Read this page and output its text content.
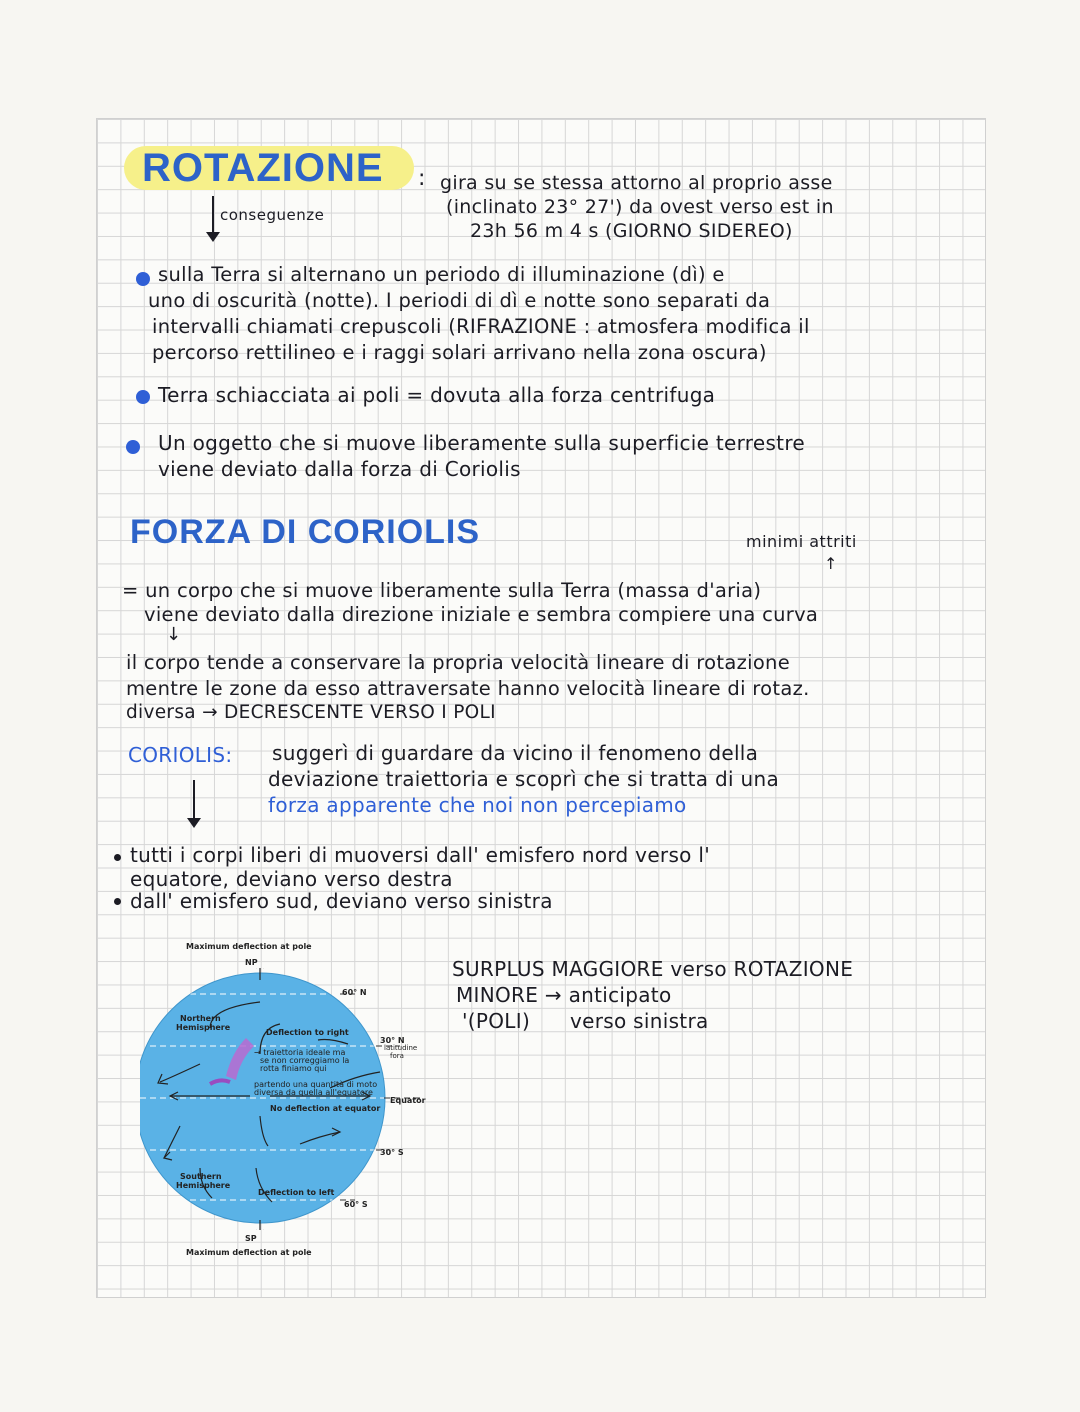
ROTAZIONE :
conseguenze
gira su se stessa attorno al proprio asse
(inclinato 23° 27') da ovest verso est in
23h 56 m 4 s (GIORNO SIDEREO)
sulla Terra si alternano un periodo di illuminazione (dì) e
uno di oscurità (notte). I periodi di dì e notte sono separati da
intervalli chiamati crepuscoli (RIFRAZIONE : atmosfera modifica il
percorso rettilineo e i raggi solari arrivano nella zona oscura)
Terra schiacciata ai poli = dovuta alla forza centrifuga
Un oggetto che si muove liberamente sulla superficie terrestre
viene deviato dalla forza di Coriolis
FORZA DI CORIOLIS	minimi attriti
↑
= un corpo che si muove liberamente sulla Terra (massa d'aria)
viene deviato dalla direzione iniziale e sembra compiere una curva
↓
il corpo tende a conservare la propria velocità lineare di rotazione
mentre le zone da esso attraversate hanno velocità lineare di rotaz.
diversa → DECRESCENTE VERSO I POLI
CORIOLIS: suggerì di guardare da vicino il fenomeno della
deviazione traiettoria e scoprì che si tratta di una
forza apparente che noi non percepiamo
tutti i corpi liberi di muoversi dall' emisfero nord verso l'
equatore, deviano verso destra
dall' emisfero sud, deviano verso sinistra
Maximum deflection at pole
NP
60° N
Northern
Hemisphere
Deflection to right
30° N
latitudine
fora
→ traiettoria ideale ma
se non correggiamo la
rotta finiamo qui
partendo una quantità di moto
diversa da quella all'equatore
Equator
No deflection at equator
30° S
Southern
Hemisphere
Deflection to left
60° S
SP
Maximum deflection at pole
SURPLUS MAGGIORE verso ROTAZIONE
MINORE → anticipato
'(POLI)      verso sinistra
